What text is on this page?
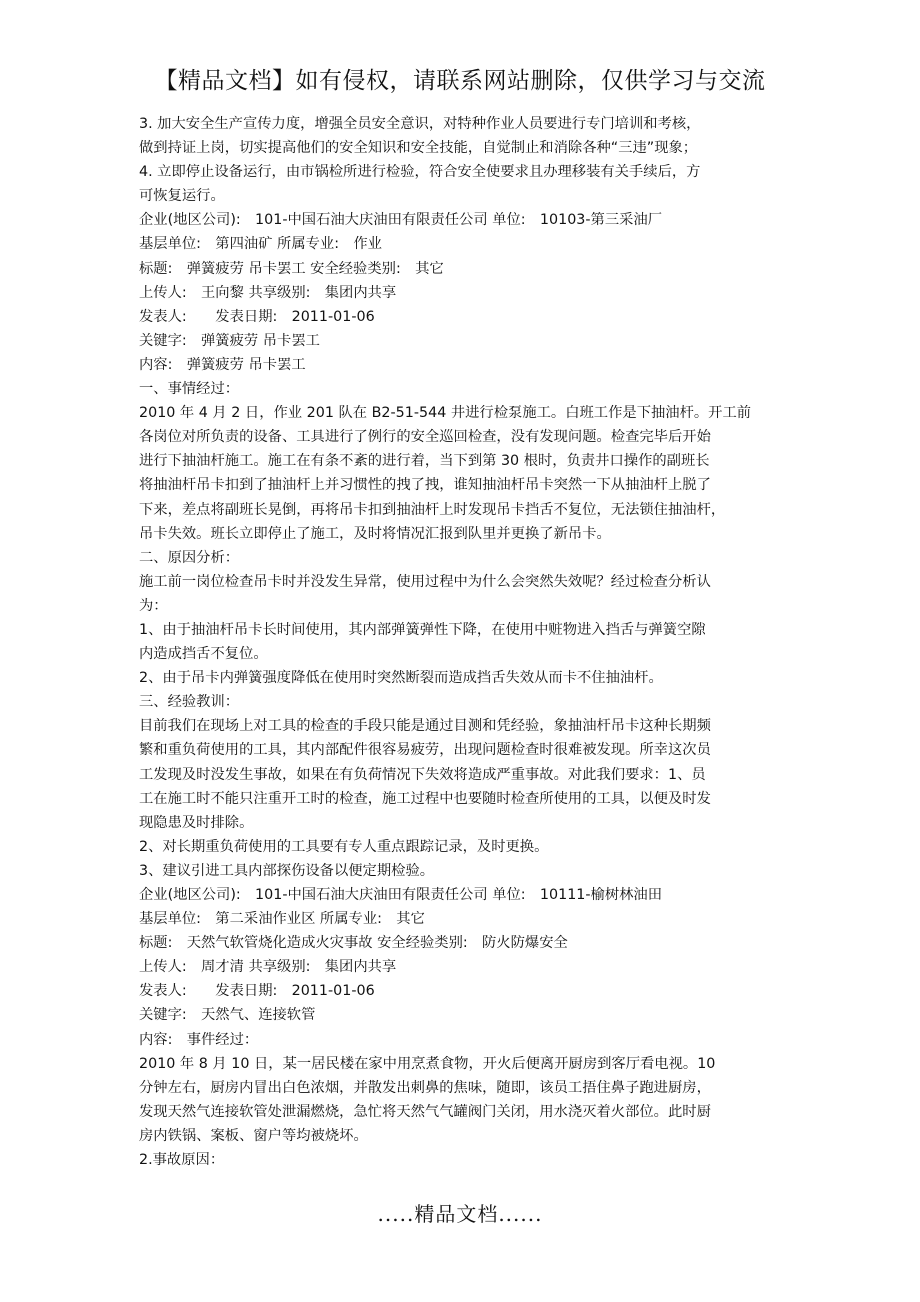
【精品文档】如有侵权，请联系网站删除，仅供学习与交流
3. 加大安全生产宣传力度，增强全员安全意识，对特种作业人员要进行专门培训和考核，
做到持证上岗，切实提高他们的安全知识和安全技能，自觉制止和消除各种“三违”现象；
4. 立即停止设备运行，由市锅检所进行检验，符合安全使要求且办理移装有关手续后，方
可恢复运行。
企业(地区公司):　101-中国石油大庆油田有限责任公司 单位:　10103-第三采油厂
基层单位:　第四油矿 所属专业:　作业
标题:　弹簧疲劳 吊卡罢工 安全经验类别:　其它
上传人:　王向黎 共享级别:　集团内共享
发表人:　　发表日期:　2011-01-06
关键字:　弹簧疲劳 吊卡罢工
内容:　弹簧疲劳 吊卡罢工
一、事情经过：
2010 年 4 月 2 日，作业 201 队在 B2-51-544 井进行检泵施工。白班工作是下抽油杆。开工前
各岗位对所负责的设备、工具进行了例行的安全巡回检查，没有发现问题。检查完毕后开始
进行下抽油杆施工。施工在有条不紊的进行着，当下到第 30 根时，负责井口操作的副班长
将抽油杆吊卡扣到了抽油杆上并习惯性的拽了拽，谁知抽油杆吊卡突然一下从抽油杆上脱了
下来，差点将副班长晃倒，再将吊卡扣到抽油杆上时发现吊卡挡舌不复位，无法锁住抽油杆，
吊卡失效。班长立即停止了施工，及时将情况汇报到队里并更换了新吊卡。
二、原因分析：
施工前一岗位检查吊卡时并没发生异常，使用过程中为什么会突然失效呢？经过检查分析认
为：
1、由于抽油杆吊卡长时间使用，其内部弹簧弹性下降，在使用中赃物进入挡舌与弹簧空隙
内造成挡舌不复位。
2、由于吊卡内弹簧强度降低在使用时突然断裂而造成挡舌失效从而卡不住抽油杆。
三、经验教训：
目前我们在现场上对工具的检查的手段只能是通过目测和凭经验，象抽油杆吊卡这种长期频
繁和重负荷使用的工具，其内部配件很容易疲劳，出现问题检查时很难被发现。所幸这次员
工发现及时没发生事故，如果在有负荷情况下失效将造成严重事故。对此我们要求：1、员
工在施工时不能只注重开工时的检查，施工过程中也要随时检查所使用的工具，以便及时发
现隐患及时排除。
2、对长期重负荷使用的工具要有专人重点跟踪记录，及时更换。
3、建议引进工具内部探伤设备以便定期检验。
企业(地区公司):　101-中国石油大庆油田有限责任公司 单位:　10111-榆树林油田
基层单位:　第二采油作业区 所属专业:　其它
标题:　天然气软管烧化造成火灾事故 安全经验类别:　防火防爆安全
上传人:　周才清 共享级别:　集团内共享
发表人:　　发表日期:　2011-01-06
关键字:　天然气、连接软管
内容:　事件经过：
2010 年 8 月 10 日，某一居民楼在家中用烹煮食物，开火后便离开厨房到客厅看电视。10
分钟左右，厨房内冒出白色浓烟，并散发出刺鼻的焦味，随即，该员工捂住鼻子跑进厨房，
发现天然气连接软管处泄漏燃烧，急忙将天然气气罐阀门关闭，用水浇灭着火部位。此时厨
房内铁锅、案板、窗户等均被烧坏。
2.事故原因：
.....精品文档......
